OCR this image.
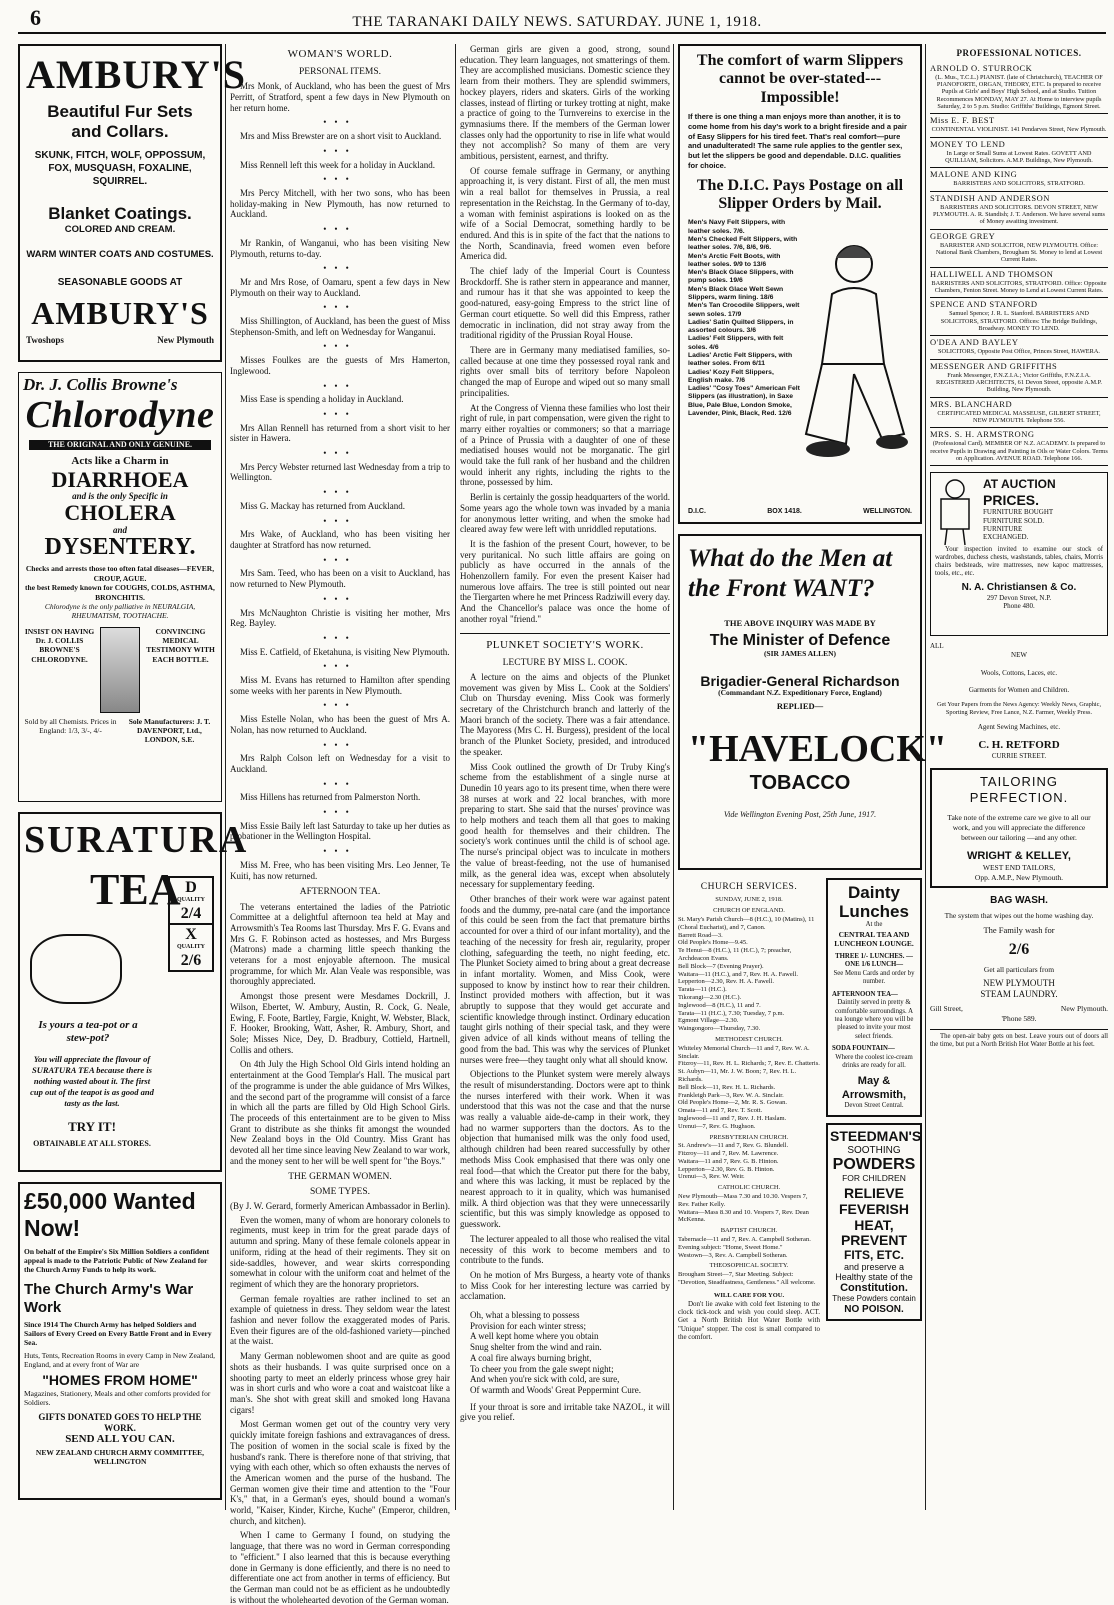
6	THE TARANAKI DAILY NEWS. SATURDAY. JUNE 1, 1918.
AMBURY'S
Beautiful Fur Sets and Collars.
SKUNK, FITCH, WOLF, OPPOSSUM, FOX, MUSQUASH, FOXALINE, SQUIRREL.
Blanket Coatings.
COLORED AND CREAM.
WARM WINTER COATS AND COSTUMES.
SEASONABLE GOODS AT
AMBURY'S
Twoshops	New Plymouth
Dr. J. Collis Browne's
Chlorodyne
THE ORIGINAL AND ONLY GENUINE.
Acts like a Charm in
DIARRHOEA
and is the only Specific in
CHOLERA
and
DYSENTERY.
Checks and arrests those too often fatal diseases—FEVER, CROUP, AGUE.
the best Remedy known for COUGHS, COLDS, ASTHMA, BRONCHITIS.
Chlorodyne is the only palliative in NEURALGIA, RHEUMATISM, TOOTHACHE.
INSIST ON HAVING Dr. J. COLLIS BROWNE'S CHLORODYNE.
CONVINCING MEDICAL TESTIMONY WITH EACH BOTTLE.
Sold by all Chemists. Prices in England: 1/3, 3/-, 4/-
Sole Manufacturers: J. T. DAVENPORT, Ltd., LONDON, S.E.
SURATURA
TEA D
QUALITY
2/4
X
QUALITY
2/6
Is yours a tea-pot or a stew-pot?
You will appreciate the flavour of SURATURA TEA because there is nothing wasted about it. The first cup out of the teapot is as good and tasty as the last.
TRY IT!
OBTAINABLE AT ALL STORES.
£50,000 Wanted Now!
On behalf of the Empire's Six Million Soldiers a confident appeal is made to the Patriotic Public of New Zealand for the Church Army Funds to help its work.
The Church Army's War Work
Since 1914 The Church Army has helped Soldiers and Sailors of Every Creed on Every Battle Front and in Every Sea.
Huts, Tents, Recreation Rooms in every Camp in New Zealand, England, and at every front of War are
"HOMES FROM HOME"
Magazines, Stationery, Meals and other comforts provided for Soldiers.
GIFTS DONATED GOES TO HELP THE WORK.
SEND ALL YOU CAN.
NEW ZEALAND CHURCH ARMY COMMITTEE, WELLINGTON
WOMAN'S WORLD.
PERSONAL ITEMS.
Mrs Monk, of Auckland, who has been the guest of Mrs Perritt, of Stratford, spent a few days in New Plymouth on her return home.
•••
Mrs and Miss Brewster are on a short visit to Auckland.
•••
Miss Rennell left this week for a holiday in Auckland.
•••
Mrs Percy Mitchell, with her two sons, who has been holiday-making in New Plymouth, has now returned to Auckland.
•••
Mr Rankin, of Wanganui, who has been visiting New Plymouth, returns to-day.
•••
Mr and Mrs Rose, of Oamaru, spent a few days in New Plymouth on their way to Auckland.
•••
Miss Shillington, of Auckland, has been the guest of Miss Stephenson-Smith, and left on Wednesday for Wanganui.
•••
Misses Foulkes are the guests of Mrs Hamerton, Inglewood.
•••
Miss Ease is spending a holiday in Auckland.
•••
Mrs Allan Rennell has returned from a short visit to her sister in Hawera.
•••
Mrs Percy Webster returned last Wednesday from a trip to Wellington.
•••
Miss G. Mackay has returned from Auckland.
•••
Mrs Wake, of Auckland, who has been visiting her daughter at Stratford has now returned.
•••
Mrs Sam. Teed, who has been on a visit to Auckland, has now returned to New Plymouth.
•••
Mrs McNaughton Christie is visiting her mother, Mrs Reg. Bayley.
•••
Miss E. Catfield, of Eketahuna, is visiting New Plymouth.
•••
Miss M. Evans has returned to Hamilton after spending some weeks with her parents in New Plymouth.
•••
Miss Estelle Nolan, who has been the guest of Mrs A. Nolan, has now returned to Auckland.
•••
Mrs Ralph Colson left on Wednesday for a visit to Auckland.
•••
Miss Hillens has returned from Palmerston North.
•••
Miss Essie Baily left last Saturday to take up her duties as probationer in the Wellington Hospital.
•••
Miss M. Free, who has been visiting Mrs. Leo Jenner, Te Kuiti, has now returned.
AFTERNOON TEA.
The veterans entertained the ladies of the Patriotic Committee at a delightful afternoon tea held at May and Arrowsmith's Tea Rooms last Thursday. Mrs F. G. Evans and Mrs G. F. Robinson acted as hostesses, and Mrs Burgess (Matrons) made a charming little speech thanking the veterans for a most enjoyable afternoon. The musical programme, for which Mr. Alan Veale was responsible, was thoroughly appreciated.
Amongst those present were Mesdames Dockrill, J. Wilson, Ebertet, W. Ambury, Austin, R. Cock, G. Neale, Ewing, F. Foote, Bartley, Fargie, Knight, W. Webster, Black, F. Hooker, Brooking, Watt, Asher, R. Ambury, Short, and Sole; Misses Nice, Dey, D. Bradbury, Cottield, Hartnell, Collis and others.
On 4th July the High School Old Girls intend holding an entertainment at the Good Templar's Hall. The musical part of the programme is under the able guidance of Mrs Wilkes, and the second part of the programme will consist of a farce in which all the parts are filled by Old High School Girls. The proceeds of this entertainment are to be given to Miss Grant to distribute as she thinks fit amongst the wounded New Zealand boys in the Old Country. Miss Grant has devoted all her time since leaving New Zealand to war work, and the money sent to her will be well spent for "the Boys."
THE GERMAN WOMEN.
SOME TYPES.
(By J. W. Gerard, formerly American Ambassador in Berlin).
Even the women, many of whom are honorary colonels to regiments, must keep in trim for the great parade days of autumn and spring. Many of these female colonels appear in uniform, riding at the head of their regiments. They sit on side-saddles, however, and wear skirts corresponding somewhat in colour with the uniform coat and helmet of the regiment of which they are the honorary proprietors.
German female royalties are rather inclined to set an example of quietness in dress. They seldom wear the latest fashion and never follow the exaggerated modes of Paris. Even their figures are of the old-fashioned variety—pinched at the waist.
Many German noblewomen shoot and are quite as good shots as their husbands. I was quite surprised once on a shooting party to meet an elderly princess whose grey hair was in short curls and who wore a coat and waistcoat like a man's. She shot with great skill and smoked long Havana cigars!
Most German women get out of the country very very quickly imitate foreign fashions and extravagances of dress. The position of women in the social scale is fixed by the husband's rank. There is therefore none of that striving, that vying with each other, which so often exhausts the nerves of the American women and the purse of the husband. The German women give their time and attention to the "Four K's," that, in a German's eyes, should bound a woman's world, "Kaiser, Kinder, Kirche, Kuche" (Emperor, children, church, and kitchen).
When I came to Germany I found, on studying the language, that there was no word in German corresponding to "efficient." I also learned that this is because everything done in Germany is done efficiently, and there is no need to differentiate one act from another in terms of efficiency. But the German man could not be as efficient as he undoubtedly is without the wholehearted devotion of the German woman.
German girls are given a good, strong, sound education. They learn languages, not smatterings of them. They are accomplished musicians. Domestic science they learn from their mothers. They are splendid swimmers, hockey players, riders and skaters. Girls of the working classes, instead of flirting or turkey trotting at night, make a practice of going to the Turnvereins to exercise in the gymnasiums there. If the members of the German lower classes only had the opportunity to rise in life what would they not accomplish? So many of them are very ambitious, persistent, earnest, and thrifty.
Of course female suffrage in Germany, or anything approaching it, is very distant. First of all, the men must win a real ballot for themselves in Prussia, a real representation in the Reichstag. In the Germany of to-day, a woman with feminist aspirations is looked on as the wife of a Social Democrat, something hardly to be endured. And this is in spite of the fact that the nations to the North, Scandinavia, freed women even before America did.
The chief lady of the Imperial Court is Countess Brockdorff. She is rather stern in appearance and manner, and rumour has it that she was appointed to keep the good-natured, easy-going Empress to the strict line of German court etiquette. So well did this Empress, rather democratic in inclination, did not stray away from the traditional rigidity of the Prussian Royal House.
There are in Germany many mediatised families, so-called because at one time they possessed royal rank and rights over small bits of territory before Napoleon changed the map of Europe and wiped out so many small principalities.
At the Congress of Vienna these families who lost their right of rule, in part compensation, were given the right to marry either royalties or commoners; so that a marriage of a Prince of Prussia with a daughter of one of these mediatised houses would not be morganatic. The girl would take the full rank of her husband and the children would inherit any rights, including the rights to the throne, possessed by him.
Berlin is certainly the gossip headquarters of the world. Some years ago the whole town was invaded by a mania for anonymous letter writing, and when the smoke had cleared away few were left with unriddled reputations.
It is the fashion of the present Court, however, to be very puritanical. No such little affairs are going on publicly as have occurred in the annals of the Hohenzollern family. For even the present Kaiser had numerous love affairs. The tree is still pointed out near the Tiergarten where he met Princess Radziwill every day. And the Chancellor's palace was once the home of another royal "friend."
PLUNKET SOCIETY'S WORK.
LECTURE BY MISS L. COOK.
A lecture on the aims and objects of the Plunket movement was given by Miss L. Cook at the Soldiers' Club on Thursday evening. Miss Cook was formerly secretary of the Christchurch branch and latterly of the Maori branch of the society. There was a fair attendance. The Mayoress (Mrs C. H. Burgess), president of the local branch of the Plunket Society, presided, and introduced the speaker.
Miss Cook outlined the growth of Dr Truby King's scheme from the establishment of a single nurse at Dunedin 10 years ago to its present time, when there were 38 nurses at work and 22 local branches, with more preparing to start. She said that the nurses' province was to help mothers and teach them all that goes to making good health for themselves and their children. The society's work continues until the child is of school age. The nurse's principal object was to inculcate in mothers the value of breast-feeding, not the use of humanised milk, as the general idea was, except when absolutely necessary for supplementary feeding.
Other branches of their work were war against patent foods and the dummy, pre-natal care (and the importance of this could be seen from the fact that premature births accounted for over a third of our infant mortality), and the teaching of the necessity for fresh air, regularity, proper clothing, safeguarding the teeth, no night feeding, etc. The Plunket Society aimed to bring about a great decrease in infant mortality. Women, and Miss Cook, were supposed to know by instinct how to rear their children. Instinct provided mothers with affection, but it was abruptly to suppose that they would get accurate and scientific knowledge through instinct. Ordinary education taught girls nothing of their special task, and they were given advice of all kinds without means of telling the good from the bad. This was why the services of Plunket nurses were free—they taught only what all should know.
Objections to the Plunket system were merely always the result of misunderstanding. Doctors were apt to think the nurses interfered with their work. When it was understood that this was not the case and that the nurse was really a valuable aide-de-camp in their work, they had no warmer supporters than the doctors. As to the objection that humanised milk was the only food used, although children had been reared successfully by other methods Miss Cook emphasised that there was only one real food—that which the Creator put there for the baby, and where this was lacking, it must be replaced by the nearest approach to it in quality, which was humanised milk. A third objection was that they were unnecessarily scientific, but this was simply knowledge as opposed to guesswork.
The lecturer appealed to all those who realised the vital necessity of this work to become members and to contribute to the funds.
On he motion of Mrs Burgess, a hearty vote of thanks to Miss Cook for her interesting lecture was carried by acclamation.
Oh, what a blessing to possess
Provision for each winter stress;
A well kept home where you obtain
Snug shelter from the wind and rain.
A coal fire always burning bright,
To cheer you from the gale swept night;
And when you're sick with cold, are sure,
Of warmth and Woods' Great Peppermint Cure.
If your throat is sore and irritable take NAZOL, it will give you relief.
The comfort of warm Slippers cannot be over-stated---Impossible!
If there is one thing a man enjoys more than another, it is to come home from his day's work to a bright fireside and a pair of Easy Slippers for his tired feet. That's real comfort—pure and unadulterated! The same rule applies to the gentler sex, but let the slippers be good and dependable. D.I.C. qualities for choice.
The D.I.C. Pays Postage on all Slipper Orders by Mail.
Men's Navy Felt Slippers, with leather soles. 7/6.
Men's Checked Felt Slippers, with leather soles. 7/6, 8/6, 9/6.
Men's Arctic Felt Boots, with leather soles. 9/9 to 13/6
Men's Black Glace Slippers, with pump soles. 19/6
Men's Black Glace Welt Sewn Slippers, warm lining. 18/6
Men's Tan Crocodile Slippers, welt sewn soles. 17/9
Ladies' Satin Quilted Slippers, in assorted colours. 3/6
Ladies' Felt Slippers, with felt soles. 4/6
Ladies' Arctic Felt Slippers, with leather soles. From 6/11
Ladies' Kozy Felt Slippers, English make. 7/6
Ladies' "Cosy Toes" American Felt Slippers (as illustration), in Saxe Blue, Pale Blue, London Smoke, Lavender, Pink, Black, Red. 12/6
D.I.C.	BOX 1418.	WELLINGTON.
What do the Men at
the Front WANT?
THE ABOVE INQUIRY WAS MADE BY
The Minister of Defence
(SIR JAMES ALLEN)
Brigadier-General Richardson
(Commandant N.Z. Expeditionary Force, England)
REPLIED—
"HAVELOCK"
TOBACCO
Vide Wellington Evening Post, 25th June, 1917.
CHURCH SERVICES.
SUNDAY, JUNE 2, 1918.
CHURCH OF ENGLAND.
St. Mary's Parish Church—8 (H.C.), 10 (Matins), 11 (Choral Eucharist), and 7, Canon.
Barrett Road—3.
Old People's Home—9.45.
Te Henui—8 (H.C.), 11 (H.C.), 7; preacher, Archdeacon Evans.
Bell Block—7 (Evening Prayer).
Waitara—11 (H.C.), and 7, Rev. H. A. Fawell.
Lepperton—2.30, Rev. H. A. Fawell.
Tarata—11 (H.C.).
Tikorangi—2.30 (H.C.).
Inglewood—8 (H.C.), 11 and 7.
Tarata—11 (H.C.), 7.30; Tuesday, 7 p.m.
Egmont Village—2.30.
Waingongoro—Thursday, 7.30.
METHODIST CHURCH.
Whiteley Memorial Church—11 and 7, Rev. W. A. Sinclair.
Fitzroy—11, Rev. H. L. Richards; 7, Rev. E. Chatteris.
St. Aubyn—11, Mr. J. W. Boon; 7, Rev. H. L. Richards.
Bell Block—11, Rev. H. L. Richards.
Frankleigh Park—3, Rev. W. A. Sinclair.
Old People's Home—2, Mr. R. S. Gowan.
Omata—11 and 7, Rev. T. Scott.
Inglewood—11 and 7, Rev. J. H. Haslam.
Urenui—7, Rev. G. Hughson.
PRESBYTERIAN CHURCH.
St. Andrew's—11 and 7, Rev. G. Blundell.
Fitzroy—11 and 7, Rev. M. Lawrence.
Waitara—11 and 7, Rev. G. B. Hinton.
Lepperton—2.30, Rev. G. B. Hinton.
Urenui—3, Rev. W. Weir.
CATHOLIC CHURCH.
New Plymouth—Mass 7.30 and 10.30. Vespers 7, Rev. Father Kelly.
Waitara—Mass 8.30 and 10. Vespers 7, Rev. Dean McKenna.
BAPTIST CHURCH.
Tabernacle—11 and 7, Rev. A. Campbell Sotheran. Evening subject: "Home, Sweet Home."
Westown—3, Rev. A. Campbell Sotheran.
THEOSOPHICAL SOCIETY.
Brougham Street—7, Star Meeting. Subject: "Devotion, Steadfastness, Gentleness." All welcome.
WILL CARE FOR YOU.
Don't lie awake with cold feet listening to the clock tick-tock and wish you could sleep. ACT. Get a North British Hot Water Bottle with "Unique" stopper. The cost is small compared to the comfort.
Dainty Lunches
At the
CENTRAL TEA AND LUNCHEON LOUNGE.
THREE 1/- LUNCHES. —ONE 1/6 LUNCH—
See Menu Cards and order by number.
AFTERNOON TEA—
Daintily served in pretty & comfortable surroundings. A tea lounge where you will be pleased to invite your most select friends.
SODA FOUNTAIN—
Where the coolest ice-cream drinks are ready for all.
May & Arrowsmith,
Devon Street Central.
STEEDMAN'S
SOOTHING
POWDERS
FOR CHILDREN
RELIEVE
FEVERISH
HEAT,
PREVENT
FITS, ETC.
and preserve a
Healthy state of the
Constitution.
These Powders contain
NO POISON.
PROFESSIONAL NOTICES.
ARNOLD O. STURROCK
(L. Mus., T.C.L.) PIANIST. (late of Christchurch), TEACHER OF PIANOFORTE, ORGAN, THEORY, ETC. Is prepared to receive Pupils at Girls' and Boys' High School, and at Studio. Tuition Recommences MONDAY, MAY 27. At Home to interview pupils Saturday, 2 to 5 p.m. Studio: Griffiths' Buildings, Egmont Street.
Miss E. F. BEST
CONTINENTAL VIOLINIST. 141 Pendarves Street, New Plymouth.
MONEY TO LEND
In Large or Small Sums at Lowest Rates. GOVETT AND QUILLIAM, Solicitors. A.M.P. Buildings, New Plymouth.
MALONE AND KING
BARRISTERS AND SOLICITORS, STRATFORD.
STANDISH AND ANDERSON
BARRISTERS AND SOLICITORS. DEVON STREET, NEW PLYMOUTH. A. R. Standish; J. T. Anderson. We have several sums of Money awaiting investment.
GEORGE GREY
BARRISTER AND SOLICITOR, NEW PLYMOUTH. Office: National Bank Chambers, Brougham St. Money to lend at Lowest Current Rates.
HALLIWELL AND THOMSON
BARRISTERS AND SOLICITORS, STRATFORD. Office: Opposite Chambers, Fenton Street. Money to Lend at Lowest Current Rates.
SPENCE AND STANFORD
Samuel Spence; J. R. L. Stanford. BARRISTERS AND SOLICITORS, STRATFORD. Offices: The Bridge Buildings, Broadway. MONEY TO LEND.
O'DEA AND BAYLEY
SOLICITORS, Opposite Post Office, Princes Street, HAWERA.
MESSENGER AND GRIFFITHS
Frank Messenger, F.N.Z.I.A.; Victor Griffiths, F.N.Z.I.A. REGISTERED ARCHITECTS, 61 Devon Street, opposite A.M.P. Building, New Plymouth.
MRS. BLANCHARD
CERTIFICATED MEDICAL MASSEUSE, GILBERT STREET, NEW PLYMOUTH. Telephone 556.
MRS. S. H. ARMSTRONG
(Professional Card). MEMBER OF N.Z. ACADEMY. Is prepared to receive Pupils in Drawing and Painting in Oils or Water Colors. Terms on Application. AVENUE ROAD. Telephone 166.
AT AUCTION
PRICES.
FURNITURE BOUGHT
FURNITURE SOLD.
FURNITURE
EXCHANGED.
Your inspection invited to examine our stock of wardrobes, duchess chests, washstands, tables, chairs, Morris chairs bedsteads, wire mattresses, new kapoc mattresses, tools, etc., etc.
N. A. Christiansen & Co.
297 Devon Street, N.P.
Phone 480.
ALL
NEW
Wools, Cottons, Laces, etc.
Garments for Women and Children.
Get Your Papers from the News Agency: Weekly News, Graphic, Sporting Review, Free Lance, N.Z. Farmer, Weekly Press.
Agent Sewing Machines, etc.
C. H. RETFORD
CURRIE STREET.
TAILORING PERFECTION.
Take note of the extreme care we give to all our work, and you will appreciate the difference between our tailoring —and any other.
WRIGHT & KELLEY,
WEST END TAILORS,
Opp. A.M.P., New Plymouth.
BAG WASH.
The system that wipes out the home washing day.
The Family wash for
2/6
Get all particulars from
NEW PLYMOUTH
STEAM LAUNDRY.
Gill Street,	New Plymouth.
'Phone 589.
The open-air baby gets on best. Leave yours out of doors all the time, but put a North British Hot Water Bottle at his feet.
